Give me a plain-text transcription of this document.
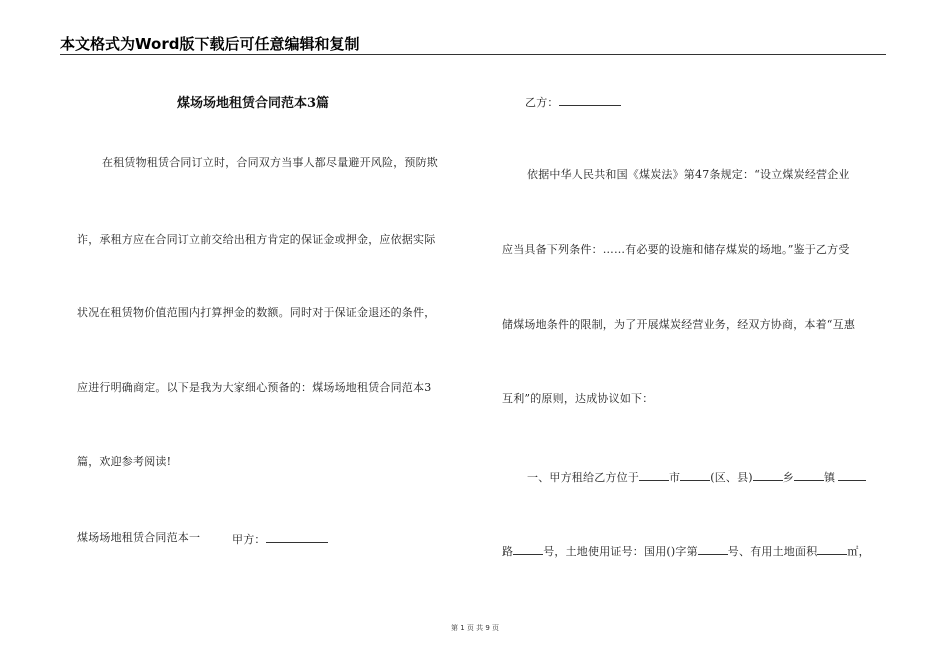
本文格式为Word版下载后可任意编辑和复制
煤场场地租赁合同范本3篇
在租赁物租赁合同订立时，合同双方当事人都尽量避开风险，预防欺
诈，承租方应在合同订立前交给出租方肯定的保证金或押金，应依据实际
状况在租赁物价值范围内打算押金的数额。同时对于保证金退还的条件，
应进行明确商定。以下是我为大家细心预备的：煤场场地租赁合同范本3
篇，欢迎参考阅读!
煤场场地租赁合同范本一	甲方：
乙方：
依据中华人民共和国《煤炭法》第47条规定：“设立煤炭经营企业
应当具备下列条件：……有必要的设施和储存煤炭的场地。”鉴于乙方受
储煤场地条件的限制，为了开展煤炭经营业务，经双方协商，本着“互惠
互利”的原则，达成协议如下：
一、甲方租给乙方位于	市	(区、县)	乡	镇
路	号，土地使用证号：国用()字第	号、有用土地面积	㎡，
第 1 页 共 9 页
